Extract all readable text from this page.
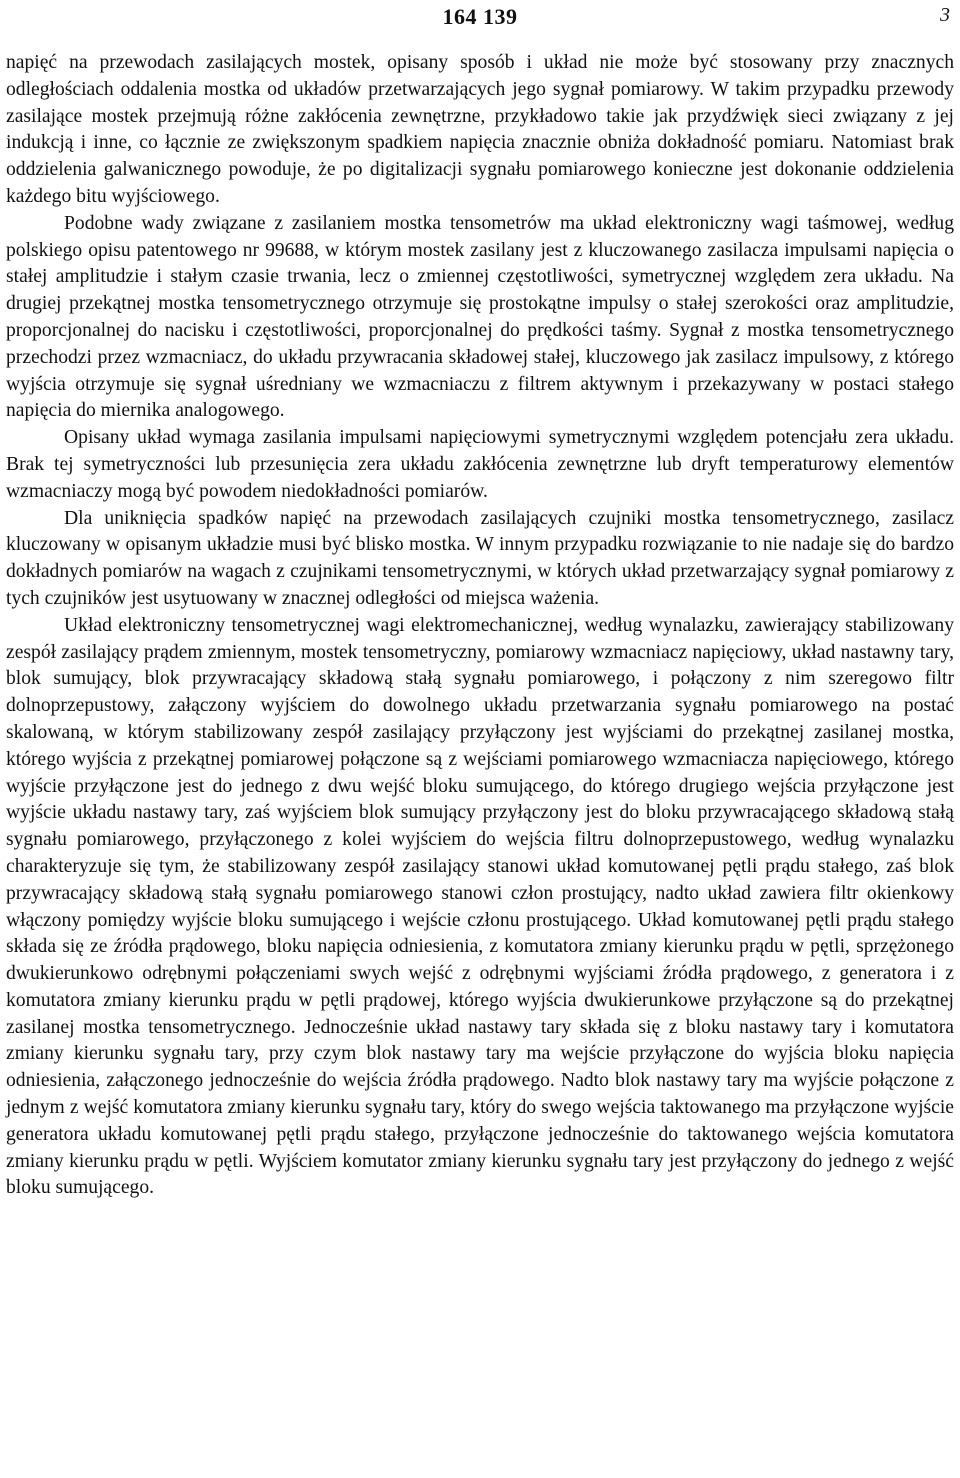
164 139	3

napięć na przewodach zasilających mostek, opisany sposób i układ nie może być stosowany przy znacznych odległościach oddalenia mostka od układów przetwarzających jego sygnał pomiarowy. W takim przypadku przewody zasilające mostek przejmują różne zakłócenia zewnętrzne, przykładowo takie jak przydźwięk sieci związany z jej indukcją i inne, co łącznie ze zwiększonym spadkiem napięcia znacznie obniża dokładność pomiaru. Natomiast brak oddzielenia galwanicznego powoduje, że po digitalizacji sygnału pomiarowego konieczne jest dokonanie oddzielenia każdego bitu wyjściowego.

Podobne wady związane z zasilaniem mostka tensometrów ma układ elektroniczny wagi taśmowej, według polskiego opisu patentowego nr 99688, w którym mostek zasilany jest z kluczowanego zasilacza impulsami napięcia o stałej amplitudzie i stałym czasie trwania, lecz o zmiennej częstotliwości, symetrycznej względem zera układu. Na drugiej przekątnej mostka tensometrycznego otrzymuje się prostokątne impulsy o stałej szerokości oraz amplitudzie, proporcjonalnej do nacisku i częstotliwości, proporcjonalnej do prędkości taśmy. Sygnał z mostka tensometrycznego przechodzi przez wzmacniacz, do układu przywracania składowej stałej, kluczowego jak zasilacz impulsowy, z którego wyjścia otrzymuje się sygnał uśredniany we wzmacniaczu z filtrem aktywnym i przekazywany w postaci stałego napięcia do miernika analogowego.

Opisany układ wymaga zasilania impulsami napięciowymi symetrycznymi względem potencjału zera układu. Brak tej symetryczności lub przesunięcia zera układu zakłócenia zewnętrzne lub dryft temperaturowy elementów wzmacniaczy mogą być powodem niedokładności pomiarów.

Dla uniknięcia spadków napięć na przewodach zasilających czujniki mostka tensometrycznego, zasilacz kluczowany w opisanym układzie musi być blisko mostka. W innym przypadku rozwiązanie to nie nadaje się do bardzo dokładnych pomiarów na wagach z czujnikami tensometrycznymi, w których układ przetwarzający sygnał pomiarowy z tych czujników jest usytuowany w znacznej odległości od miejsca ważenia.

Układ elektroniczny tensometrycznej wagi elektromechanicznej, według wynalazku, zawierający stabilizowany zespół zasilający prądem zmiennym, mostek tensometryczny, pomiarowy wzmacniacz napięciowy, układ nastawny tary, blok sumujący, blok przywracający składową stałą sygnału pomiarowego, i połączony z nim szeregowo filtr dolnoprzepustowy, załączony wyjściem do dowolnego układu przetwarzania sygnału pomiarowego na postać skalowaną, w którym stabilizowany zespół zasilający przyłączony jest wyjściami do przekątnej zasilanej mostka, którego wyjścia z przekątnej pomiarowej połączone są z wejściami pomiarowego wzmacniacza napięciowego, którego wyjście przyłączone jest do jednego z dwu wejść bloku sumującego, do którego drugiego wejścia przyłączone jest wyjście układu nastawy tary, zaś wyjściem blok sumujący przyłączony jest do bloku przywracającego składową stałą sygnału pomiarowego, przyłączonego z kolei wyjściem do wejścia filtru dolnoprzepustowego, według wynalazku charakteryzuje się tym, że stabilizowany zespół zasilający stanowi układ komutowanej pętli prądu stałego, zaś blok przywracający składową stałą sygnału pomiarowego stanowi człon prostujący, nadto układ zawiera filtr okienkowy włączony pomiędzy wyjście bloku sumującego i wejście członu prostującego. Układ komutowanej pętli prądu stałego składa się ze źródła prądowego, bloku napięcia odniesienia, z komutatora zmiany kierunku prądu w pętli, sprzężonego dwukierunkowo odrębnymi połączeniami swych wejść z odrębnymi wyjściami źródła prądowego, z generatora i z komutatora zmiany kierunku prądu w pętli prądowej, którego wyjścia dwukierunkowe przyłączone są do przekątnej zasilanej mostka tensometrycznego. Jednocześnie układ nastawy tary składa się z bloku nastawy tary i komutatora zmiany kierunku sygnału tary, przy czym blok nastawy tary ma wejście przyłączone do wyjścia bloku napięcia odniesienia, załączonego jednocześnie do wejścia źródła prądowego. Nadto blok nastawy tary ma wyjście połączone z jednym z wejść komutatora zmiany kierunku sygnału tary, który do swego wejścia taktowanego ma przyłączone wyjście generatora układu komutowanej pętli prądu stałego, przyłączone jednocześnie do taktowanego wejścia komutatora zmiany kierunku prądu w pętli. Wyjściem komutator zmiany kierunku sygnału tary jest przyłączony do jednego z wejść bloku sumującego.
